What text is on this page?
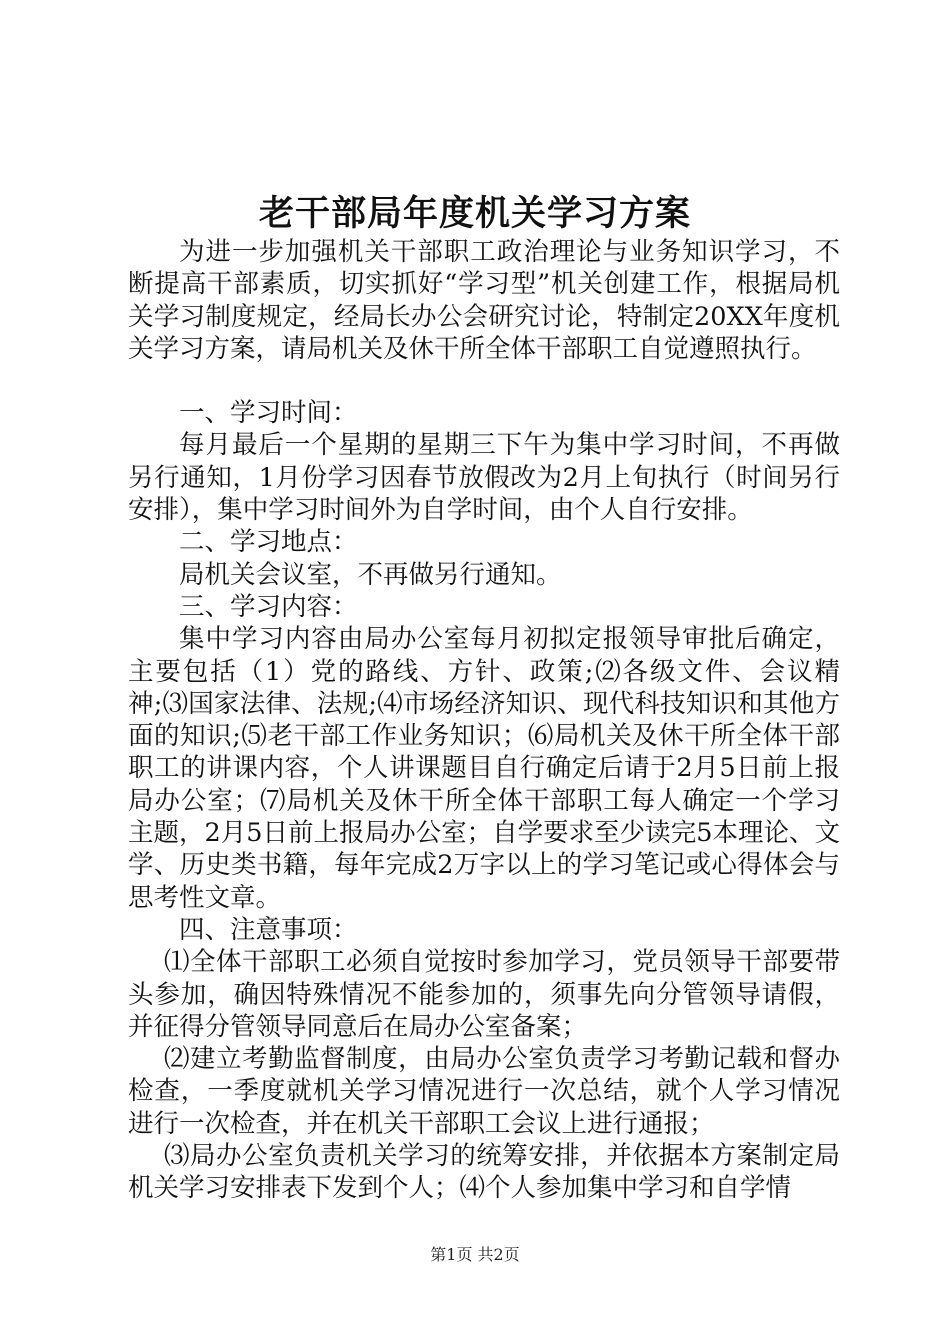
老干部局年度机关学习方案

为进一步加强机关干部职工政治理论与业务知识学习，不断提高干部素质，切实抓好“学习型”机关创建工作，根据局机关学习制度规定，经局长办公会研究讨论，特制定20XX年度机关学习方案，请局机关及休干所全体干部职工自觉遵照执行。

一、学习时间：

每月最后一个星期的星期三下午为集中学习时间，不再做另行通知，1月份学习因春节放假改为2月上旬执行（时间另行安排），集中学习时间外为自学时间，由个人自行安排。

二、学习地点：

局机关会议室，不再做另行通知。

三、学习内容：

集中学习内容由局办公室每月初拟定报领导审批后确定，主要包括（1）党的路线、方针、政策;⑵各级文件、会议精神;⑶国家法律、法规;⑷市场经济知识、现代科技知识和其他方面的知识;⑸老干部工作业务知识；⑹局机关及休干所全体干部职工的讲课内容，个人讲课题目自行确定后请于2月5日前上报局办公室；⑺局机关及休干所全体干部职工每人确定一个学习主题，2月5日前上报局办公室；自学要求至少读完5本理论、文学、历史类书籍，每年完成2万字以上的学习笔记或心得体会与思考性文章。

四、注意事项：

⑴全体干部职工必须自觉按时参加学习，党员领导干部要带头参加，确因特殊情况不能参加的，须事先向分管领导请假，并征得分管领导同意后在局办公室备案；

⑵建立考勤监督制度，由局办公室负责学习考勤记载和督办检查，一季度就机关学习情况进行一次总结，就个人学习情况进行一次检查，并在机关干部职工会议上进行通报；

⑶局办公室负责机关学习的统筹安排，并依据本方案制定局机关学习安排表下发到个人；⑷个人参加集中学习和自学情

第1页 共2页
